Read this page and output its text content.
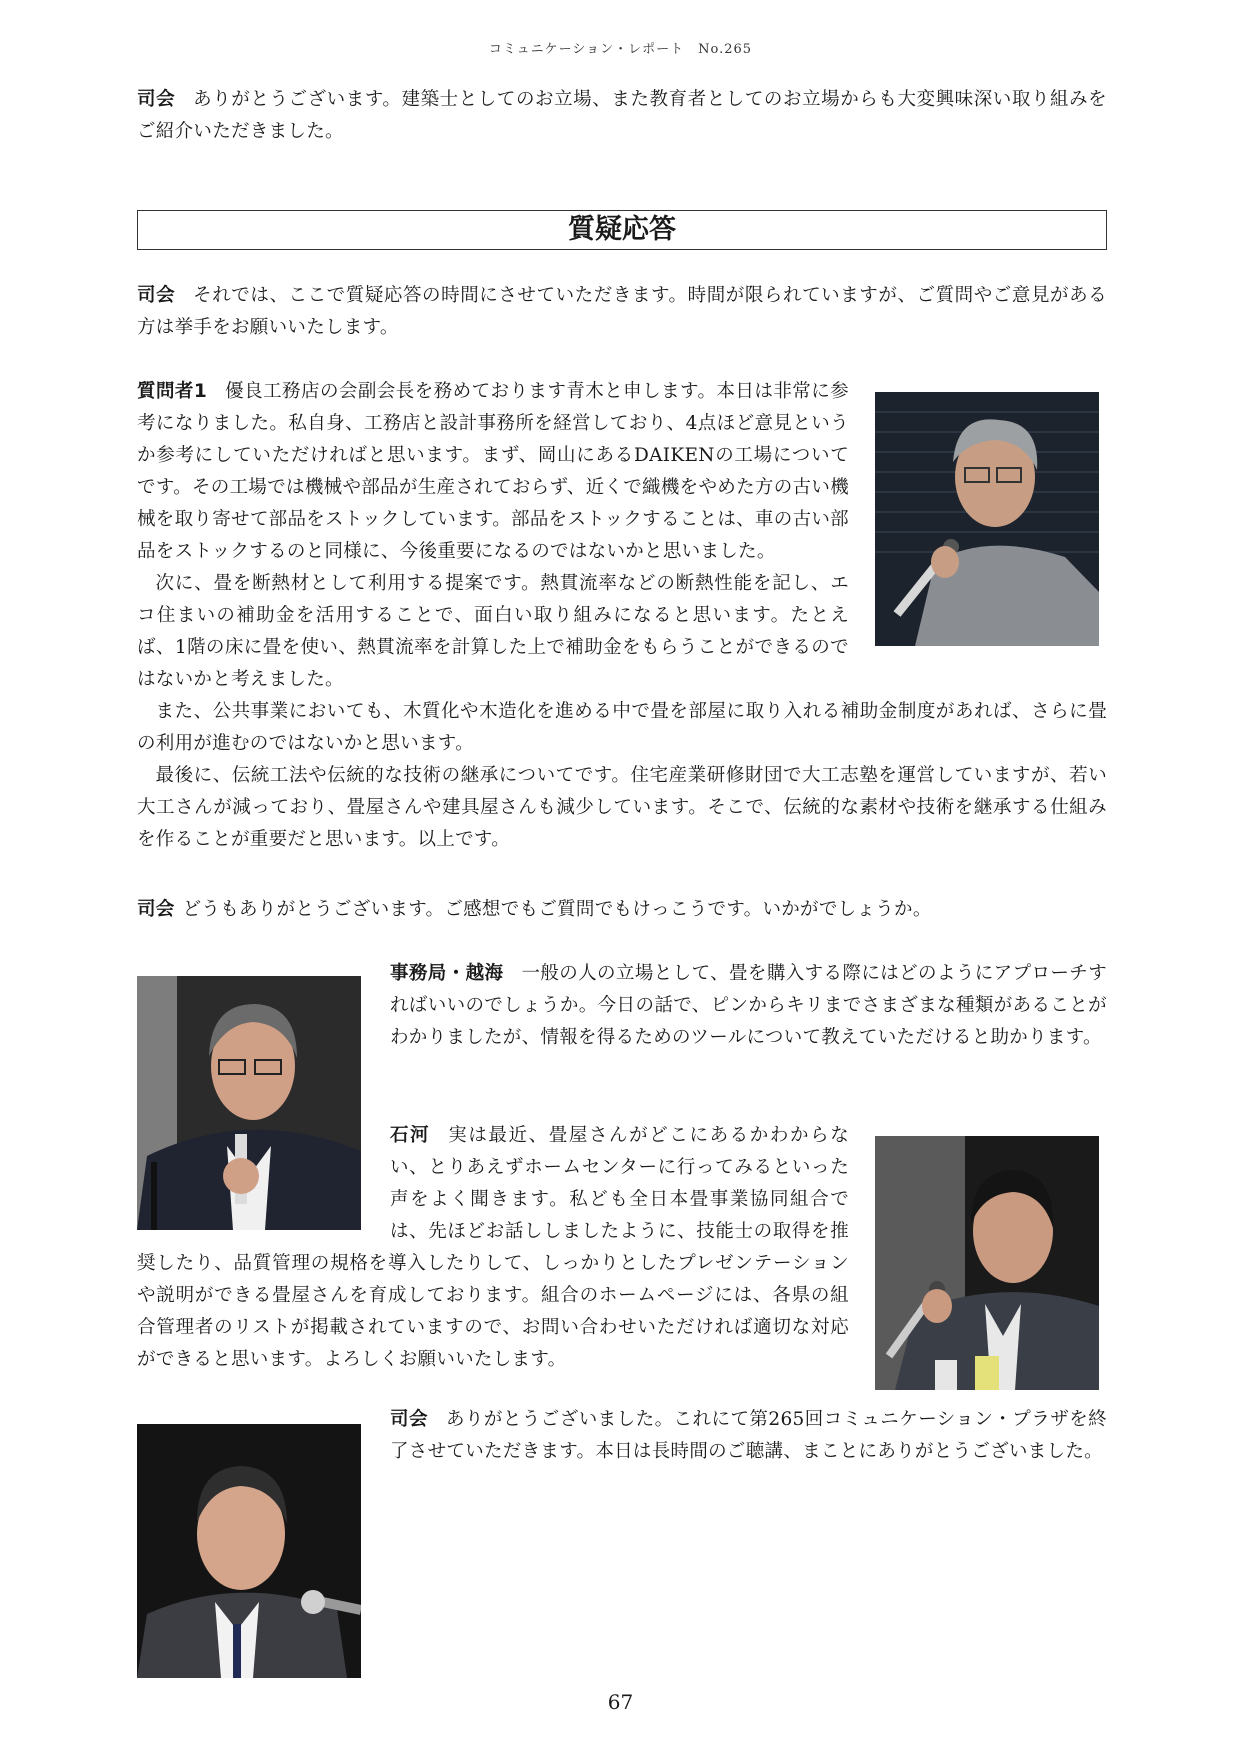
コミュニケーション・レポート　No.265

司会 ありがとうございます。建築士としてのお立場、また教育者としてのお立場からも大変興味深い取り組みをご紹介いただきました。

質疑応答

司会 それでは、ここで質疑応答の時間にさせていただきます。時間が限られていますが、ご質問やご意見がある方は挙手をお願いいたします。

質問者1 優良工務店の会副会長を務めております青木と申します。本日は非常に参考になりました。私自身、工務店と設計事務所を経営しており、4点ほど意見というか参考にしていただければと思います。まず、岡山にあるDAIKENの工場についてです。その工場では機械や部品が生産されておらず、近くで織機をやめた方の古い機械を取り寄せて部品をストックしています。部品をストックすることは、車の古い部品をストックするのと同様に、今後重要になるのではないかと思いました。

次に、畳を断熱材として利用する提案です。熱貫流率などの断熱性能を記し、エコ住まいの補助金を活用することで、面白い取り組みになると思います。たとえば、1階の床に畳を使い、熱貫流率を計算した上で補助金をもらうことができるのではないかと考えました。

また、公共事業においても、木質化や木造化を進める中で畳を部屋に取り入れる補助金制度があれば、さらに畳の利用が進むのではないかと思います。

最後に、伝統工法や伝統的な技術の継承についてです。住宅産業研修財団で大工志塾を運営していますが、若い大工さんが減っており、畳屋さんや建具屋さんも減少しています。そこで、伝統的な素材や技術を継承する仕組みを作ることが重要だと思います。以上です。

司会 どうもありがとうございます。ご感想でもご質問でもけっこうです。いかがでしょうか。

事務局・越海 一般の人の立場として、畳を購入する際にはどのようにアプローチすればいいのでしょうか。今日の話で、ピンからキリまでさまざまな種類があることがわかりましたが、情報を得るためのツールについて教えていただけると助かります。

石河 実は最近、畳屋さんがどこにあるかわからない、とりあえずホームセンターに行ってみるといった声をよく聞きます。私ども全日本畳事業協同組合では、先ほどお話ししましたように、技能士の取得を推奨したり、品質管理の規格を導入したりして、しっかりとしたプレゼンテーションや説明ができる畳屋さんを育成しております。組合のホームページには、各県の組合管理者のリストが掲載されていますので、お問い合わせいただければ適切な対応ができると思います。よろしくお願いいたします。

司会 ありがとうございました。これにて第265回コミュニケーション・プラザを終了させていただきます。本日は長時間のご聴講、まことにありがとうございました。

67
